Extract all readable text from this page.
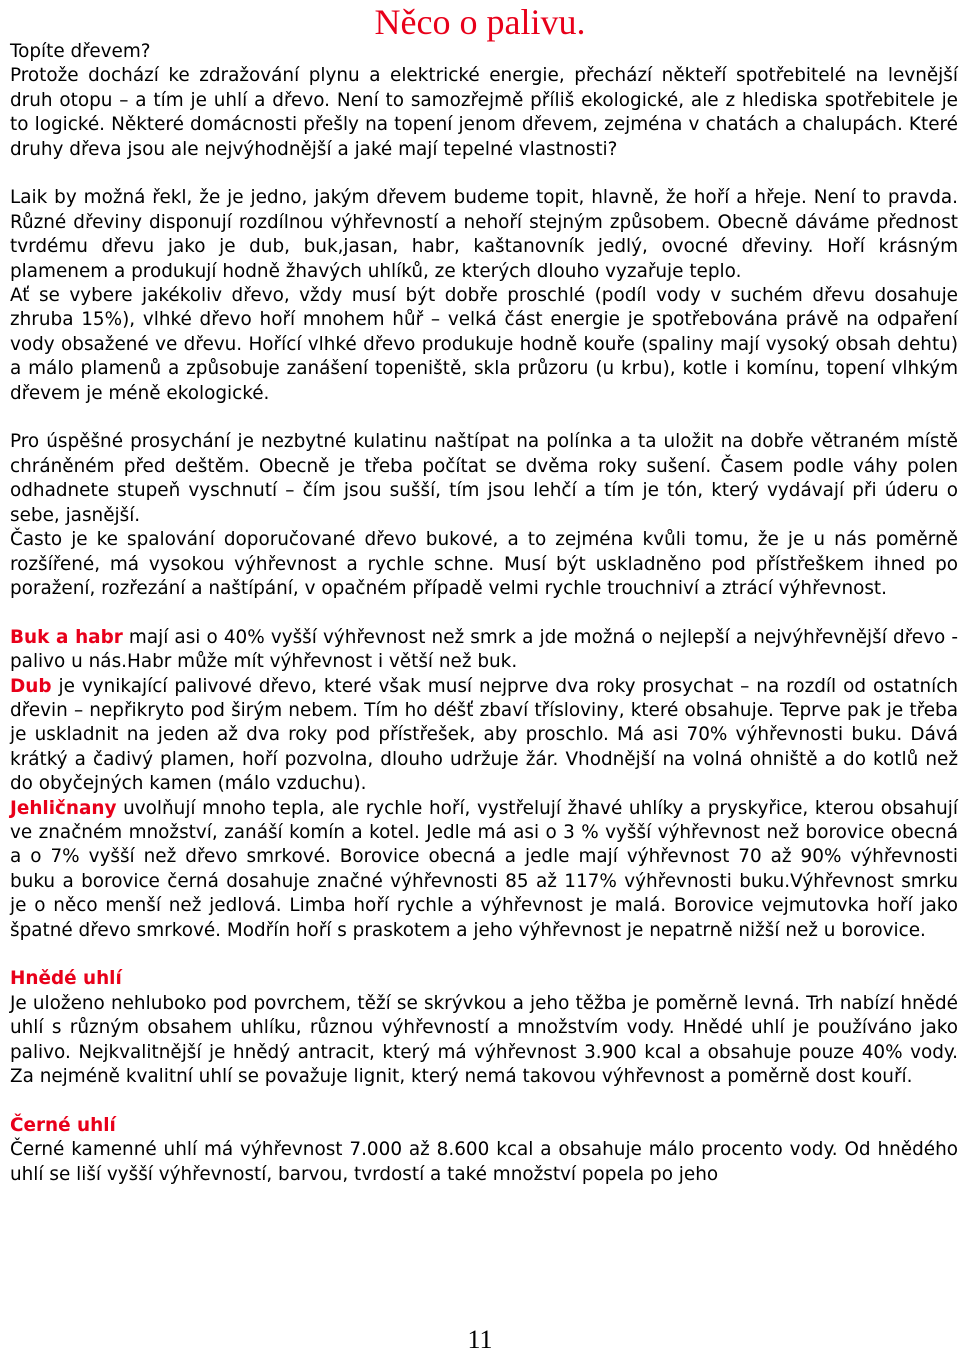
Něco o palivu.

Topíte dřevem?

Protože dochází ke zdražování plynu a elektrické energie, přechází někteří spotřebitelé na levnější druh otopu – a tím je uhlí a dřevo. Není to samozřejmě příliš ekologické, ale z hlediska spotřebitele je to logické. Některé domácnosti přešly na topení jenom dřevem, zejména v chatách a chalupách. Které druhy dřeva jsou ale nejvýhodnější a jaké mají tepelné vlastnosti?

Laik by možná řekl, že je jedno, jakým dřevem budeme topit, hlavně, že hoří a hřeje. Není to pravda. Různé dřeviny disponují rozdílnou výhřevností a nehoří stejným způsobem. Obecně dáváme přednost tvrdému dřevu jako je dub, buk,jasan, habr, kaštanovník jedlý, ovocné dřeviny. Hoří krásným plamenem a produkují hodně žhavých uhlíků, ze kterých dlouho vyzařuje teplo.

Ať se vybere jakékoliv dřevo, vždy musí být dobře proschlé (podíl vody v suchém dřevu dosahuje zhruba 15%), vlhké dřevo hoří mnohem hůř – velká část energie je spotřebována právě na odpaření vody obsažené ve dřevu. Hořící vlhké dřevo produkuje hodně kouře (spaliny mají vysoký obsah dehtu) a málo plamenů a způsobuje zanášení topeniště, skla průzoru (u krbu), kotle i komínu, topení vlhkým dřevem je méně ekologické.

Pro úspěšné prosychání je nezbytné kulatinu naštípat na polínka a ta uložit na dobře větraném místě chráněném před deštěm. Obecně je třeba počítat se dvěma roky sušení. Časem podle váhy polen odhadnete stupeň vyschnutí – čím jsou sušší, tím jsou lehčí a tím je tón, který vydávají při úderu o sebe, jasnější.

Často je ke spalování doporučované dřevo bukové, a to zejména kvůli tomu, že je u nás poměrně rozšířené, má vysokou výhřevnost a rychle schne. Musí být uskladněno pod přístřeškem ihned po poražení, rozřezání a naštípání, v opačném případě velmi rychle trouchniví a ztrácí výhřevnost.

Buk a habr mají asi o 40% vyšší výhřevnost než smrk a jde možná o nejlepší a nejvýhřevnější dřevo - palivo u nás.Habr může mít výhřevnost i větší než buk.

Dub je vynikající palivové dřevo, které však musí nejprve dva roky prosychat – na rozdíl od ostatních dřevin – nepřikryto pod širým nebem. Tím ho déšť zbaví třísloviny, které obsahuje. Teprve pak je třeba je uskladnit na jeden až dva roky pod přístřešek, aby proschlo. Má asi 70% výhřevnosti buku. Dává krátký a čadivý plamen, hoří pozvolna, dlouho udržuje žár. Vhodnější na volná ohniště a do kotlů než do obyčejných kamen (málo vzduchu).

Jehličnany uvolňují mnoho tepla, ale rychle hoří, vystřelují žhavé uhlíky a pryskyřice, kterou obsahují ve značném množství, zanáší komín a kotel. Jedle má asi o 3 % vyšší výhřevnost než borovice obecná a o 7% vyšší než dřevo smrkové. Borovice obecná a jedle mají výhřevnost 70 až 90% výhřevnosti buku a borovice černá dosahuje značné výhřevnosti 85 až 117% výhřevnosti buku.Výhřevnost smrku je o něco menší než jedlová. Limba hoří rychle a výhřevnost je malá. Borovice vejmutovka hoří jako špatné dřevo smrkové. Modřín hoří s praskotem a jeho výhřevnost je nepatrně nižší než u borovice.

Hnědé uhlí

Je uloženo nehluboko pod povrchem, těží se skrývkou a jeho těžba je poměrně levná. Trh nabízí hnědé uhlí s různým obsahem uhlíku, různou výhřevností a množstvím vody. Hnědé uhlí je používáno jako palivo. Nejkvalitnější je hnědý antracit, který má výhřevnost 3.900 kcal a obsahuje pouze 40% vody. Za nejméně kvalitní uhlí se považuje lignit, který nemá takovou výhřevnost a poměrně dost kouří.

Černé uhlí

Černé kamenné uhlí má výhřevnost 7.000 až 8.600 kcal a obsahuje málo procento vody. Od hnědého uhlí se liší vyšší výhřevností, barvou, tvrdostí a také množství popela po jeho

11
